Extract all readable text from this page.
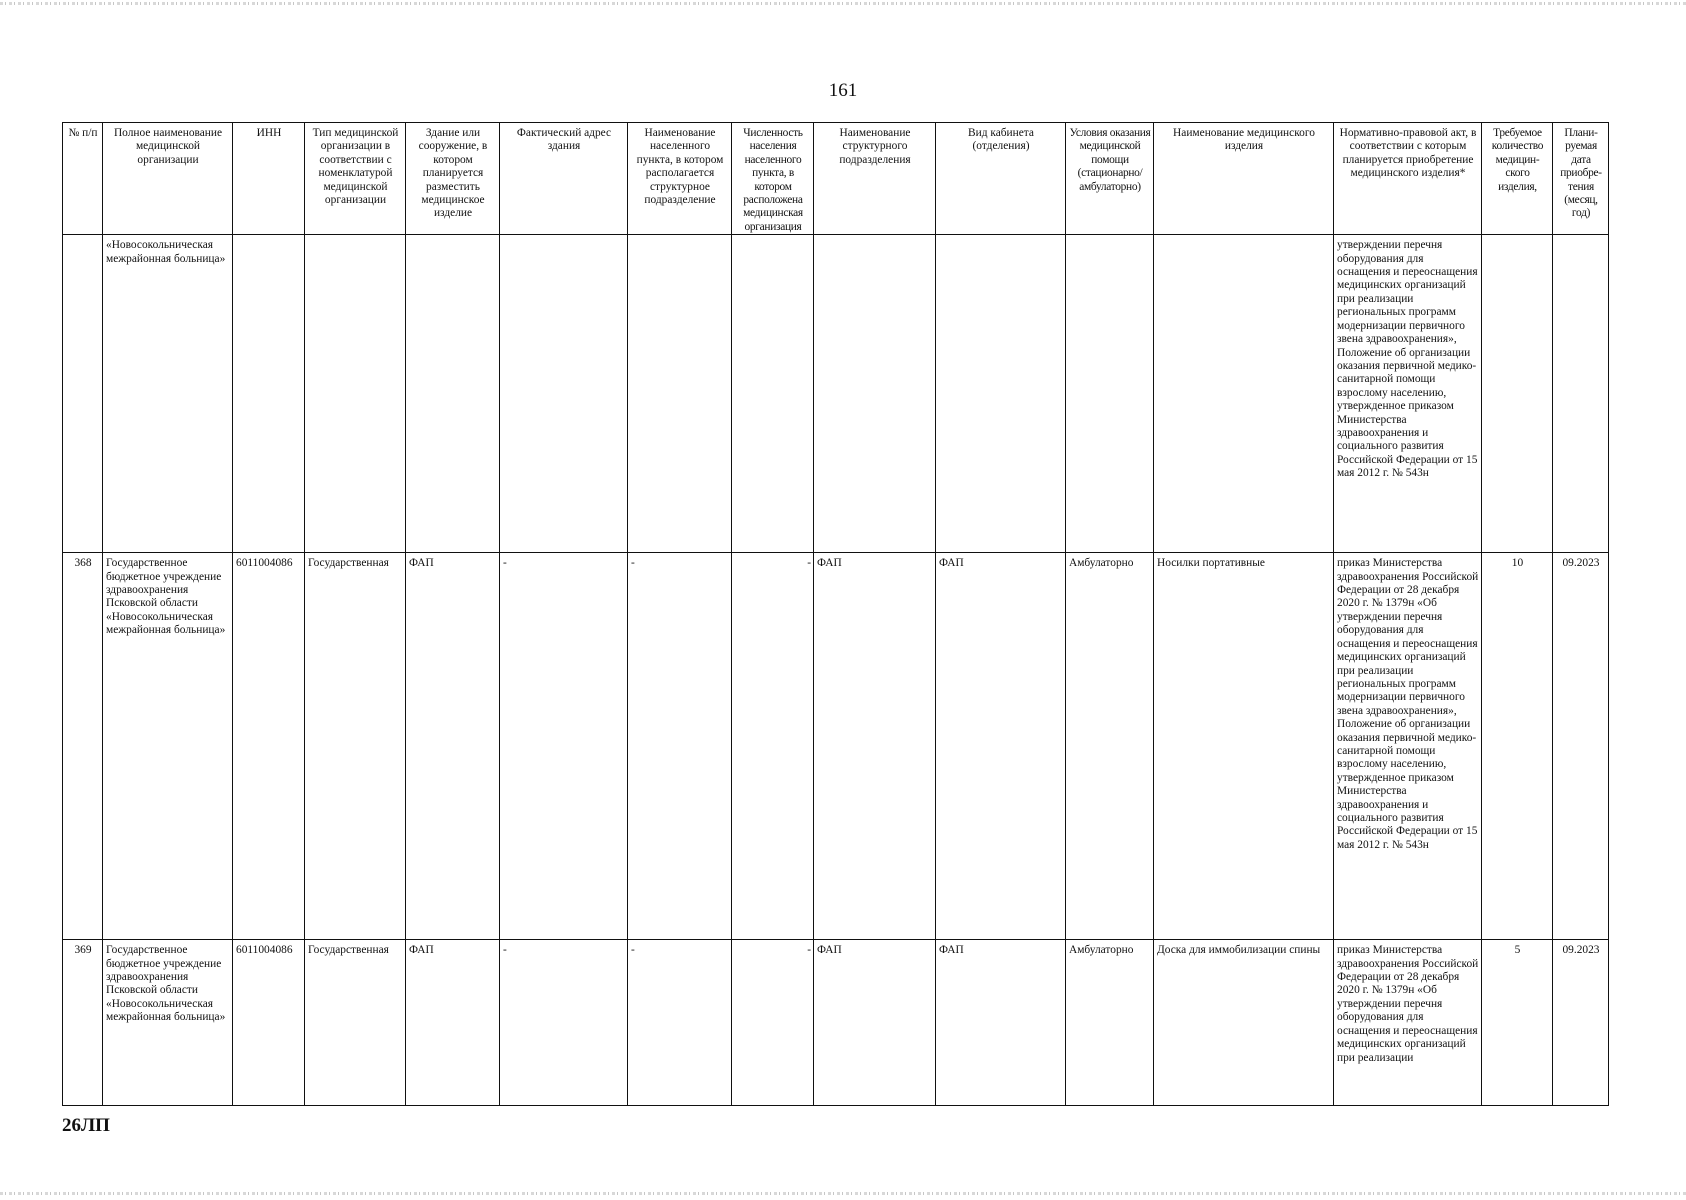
161
№ п/п	Полное наименование медицинской организации	ИНН	Тип медицинской организации в соответствии с номенклатурой медицинской организации	Здание или сооружение, в котором планируется разместить медицинское изделие	Фактический адрес здания	Наименование населенного пункта, в котором располагается структурное подразделение	Численность населения населенного пункта, в котором расположена медицинская организация	Наименование структурного подразделения	Вид кабинета (отделения)	Условия оказания медицинской помощи (стационарно/ амбулаторно)	Наименование медицинского изделия	Нормативно-правовой акт, в соответствии с которым планируется приобретение медицинского изделия*	Требуемое количество медицин-ского изделия,	Плани-руемая дата приобре-тения (месяц, год)
	«Новосокольническая межрайонная больница»											утверждении перечня оборудования для оснащения и переоснащения медицинских организаций при реализации региональных программ модернизации первичного звена здравоохранения», Положение об организации оказания первичной медико-санитарной помощи взрослому населению, утвержденное приказом Министерства здравоохранения и социального развития Российской Федерации от 15 мая 2012 г. № 543н		
368	Государственное бюджетное учреждение здравоохранения Псковской области «Новосокольническая межрайонная больница»	6011004086	Государственная	ФАП	-	-	-	ФАП	ФАП	Амбулаторно	Носилки портативные	приказ Министерства здравоохранения Российской Федерации от 28 декабря 2020 г. № 1379н «Об утверждении перечня оборудования для оснащения и переоснащения медицинских организаций при реализации региональных программ модернизации первичного звена здравоохранения», Положение об организации оказания первичной медико-санитарной помощи взрослому населению, утвержденное приказом Министерства здравоохранения и социального развития Российской Федерации от 15 мая 2012 г. № 543н	10	09.2023
369	Государственное бюджетное учреждение здравоохранения Псковской области «Новосокольническая межрайонная больница»	6011004086	Государственная	ФАП	-	-	-	ФАП	ФАП	Амбулаторно	Доска для иммобилизации спины	приказ Министерства здравоохранения Российской Федерации от 28 декабря 2020 г. № 1379н «Об утверждении перечня оборудования для оснащения и переоснащения медицинских организаций при реализации	5	09.2023
26ЛП
